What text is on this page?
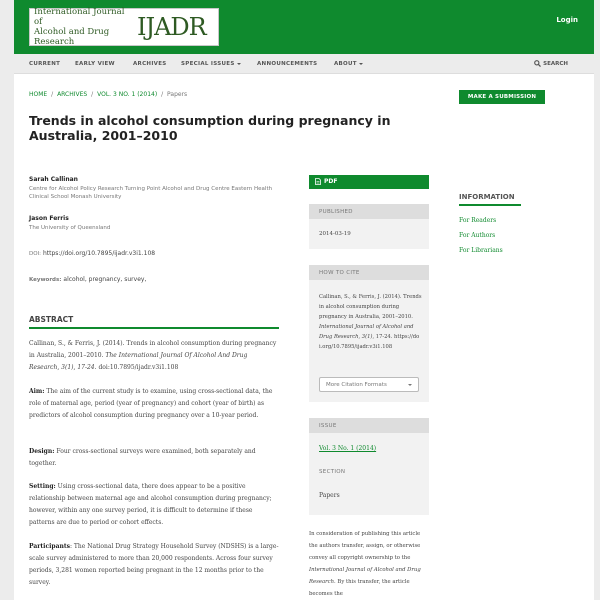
International Journal of
Alcohol and Drug Research
IJADR	Login
CURRENT	EARLY VIEW	ARCHIVES	SPECIAL ISSUES	ANNOUNCEMENTS	ABOUT	SEARCH
HOME / ARCHIVES / VOL. 3 NO. 1 (2014) / Papers
Trends in alcohol consumption during pregnancy in Australia, 2001–2010
Sarah Callinan
Centre for Alcohol Policy Research Turning Point Alcohol and Drug Centre Eastern Health Clinical School Monash University
Jason Ferris
The University of Queensland
DOI: https://doi.org/10.7895/ijadr.v3i1.108
Keywords: alcohol, pregnancy, survey,
ABSTRACT
Callinan, S., & Ferris, J. (2014). Trends in alcohol consumption during pregnancy in Australia, 2001–2010. The International Journal Of Alcohol And Drug Research, 3(1), 17-24. doi:10.7895/ijadr.v3i1.108
Aim: The aim of the current study is to examine, using cross-sectional data, the role of maternal age, period (year of pregnancy) and cohort (year of birth) as predictors of alcohol consumption during pregnancy over a 10-year period.
Design: Four cross-sectional surveys were examined, both separately and together.
Setting: Using cross-sectional data, there does appear to be a positive relationship between maternal age and alcohol consumption during pregnancy; however, within any one survey period, it is difficult to determine if these patterns are due to period or cohort effects.
Participants: The National Drug Strategy Household Survey (NDSHS) is a large-scale survey administered to more than 20,000 respondents. Across four survey periods, 3,281 women reported being pregnant in the 12 months prior to the survey.
PDF
PUBLISHED
2014-03-19
HOW TO CITE
Callinan, S., & Ferris, J. (2014). Trends in alcohol consumption during pregnancy in Australia, 2001–2010. International Journal of Alcohol and Drug Research, 3(1), 17-24. https://doi.org/10.7895/ijadr.v3i1.108
More Citation Formats
ISSUE
Vol. 3 No. 1 (2014)
SECTION
Papers
In consideration of publishing this article the authors transfer, assign, or otherwise convey all copyright ownership to the International Journal of Alcohol and Drug Research. By this transfer, the article becomes the
MAKE A SUBMISSION
INFORMATION
For Readers
For Authors
For Librarians
